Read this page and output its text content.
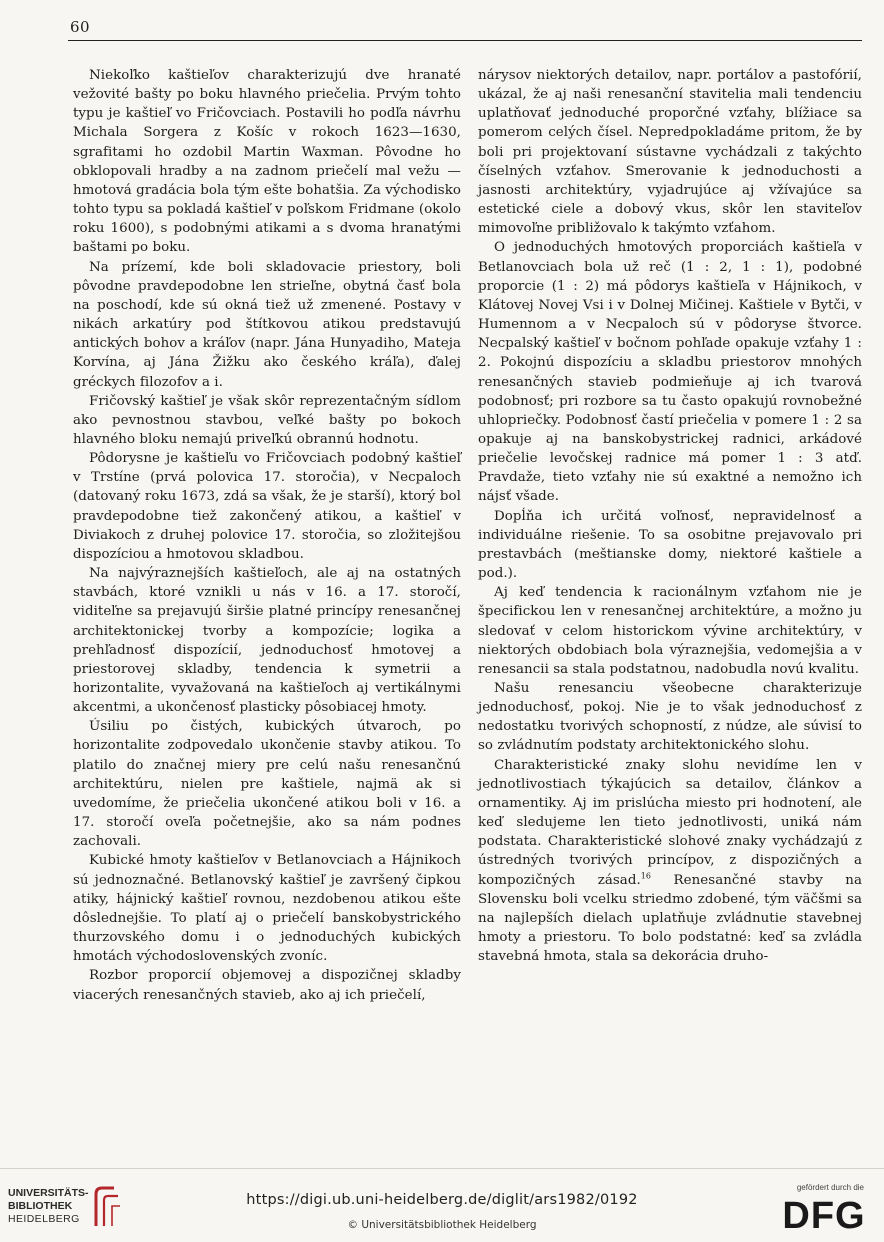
60

Niekoľko kaštieľov charakterizujú dve hranaté vežovité bašty po boku hlavného priečelia. Prvým tohto typu je kaštieľ vo Fričovciach. Postavili ho podľa návrhu Michala Sorgera z Košíc v rokoch 1623—1630, sgrafitami ho ozdobil Martin Waxman. Pôvodne ho obklopovali hradby a na zadnom priečelí mal vežu — hmotová gradácia bola tým ešte bohatšia. Za východisko tohto typu sa pokladá kaštieľ v poľskom Fridmane (okolo roku 1600), s podobnými atikami a s dvoma hranatými baštami po boku.

Na prízemí, kde boli skladovacie priestory, boli pôvodne pravdepodobne len strieľne, obytná časť bola na poschodí, kde sú okná tiež už zmenené. Postavy v nikách arkatúry pod štítkovou atikou predstavujú antických bohov a kráľov (napr. Jána Hunyadiho, Mateja Korvína, aj Jána Žižku ako českého kráľa), ďalej gréckych filozofov a i.

Fričovský kaštieľ je však skôr reprezentačným sídlom ako pevnostnou stavbou, veľké bašty po bokoch hlavného bloku nemajú priveľkú obrannú hodnotu.

Pôdorysne je kaštieľu vo Fričovciach podobný kaštieľ v Trstíne (prvá polovica 17. storočia), v Necpaloch (datovaný roku 1673, zdá sa však, že je starší), ktorý bol pravdepodobne tiež zakončený atikou, a kaštieľ v Diviakoch z druhej polovice 17. storočia, so zložitejšou dispozíciou a hmotovou skladbou.

Na najvýraznejších kaštieľoch, ale aj na ostatných stavbách, ktoré vznikli u nás v 16. a 17. storočí, viditeľne sa prejavujú širšie platné princípy renesančnej architektonickej tvorby a kompozície; logika a prehľadnosť dispozícií, jednoduchosť hmotovej a priestorovej skladby, tendencia k symetrii a horizontalite, vyvažovaná na kaštieľoch aj vertikálnymi akcentmi, a ukončenosť plasticky pôsobiacej hmoty.

Úsiliu po čistých, kubických útvaroch, po horizontalite zodpovedalo ukončenie stavby atikou. To platilo do značnej miery pre celú našu renesančnú architektúru, nielen pre kaštiele, najmä ak si uvedomíme, že priečelia ukončené atikou boli v 16. a 17. storočí oveľa početnejšie, ako sa nám podnes zachovali.

Kubické hmoty kaštieľov v Betlanovciach a Hájnikoch sú jednoznačné. Betlanovský kaštieľ je završený čipkou atiky, hájnický kaštieľ rovnou, nezdobenou atikou ešte dôslednejšie. To platí aj o priečelí banskobystrického thurzovského domu i o jednoduchých kubických hmotách východoslovenských zvoníc.

Rozbor proporcií objemovej a dispozičnej skladby viacerých renesančných stavieb, ako aj ich priečelí,

nárysov niektorých detailov, napr. portálov a pastofórií, ukázal, že aj naši renesanční stavitelia mali tendenciu uplatňovať jednoduché proporčné vzťahy, blížiace sa pomerom celých čísel. Nepredpokladáme pritom, že by boli pri projektovaní sústavne vychádzali z takýchto číselných vzťahov. Smerovanie k jednoduchosti a jasnosti architektúry, vyjadrujúce aj vžívajúce sa estetické ciele a dobový vkus, skôr len staviteľov mimovoľne približovalo k takýmto vzťahom.

O jednoduchých hmotových proporciách kaštieľa v Betlanovciach bola už reč (1 : 2, 1 : 1), podobné proporcie (1 : 2) má pôdorys kaštieľa v Hájnikoch, v Klátovej Novej Vsi i v Dolnej Mičinej. Kaštiele v Bytči, v Humennom a v Necpaloch sú v pôdoryse štvorce. Necpalský kaštieľ v bočnom pohľade opakuje vzťahy 1 : 2. Pokojnú dispozíciu a skladbu priestorov mnohých renesančných stavieb podmieňuje aj ich tvarová podobnosť; pri rozbore sa tu často opakujú rovnobežné uhlopriečky. Podobnosť častí priečelia v pomere 1 : 2 sa opakuje aj na banskobystrickej radnici, arkádové priečelie levočskej radnice má pomer 1 : 3 atď. Pravdaže, tieto vzťahy nie sú exaktné a nemožno ich nájsť všade.

Dopĺňa ich určitá voľnosť, nepravidelnosť a individuálne riešenie. To sa osobitne prejavovalo pri prestavbách (meštianske domy, niektoré kaštiele a pod.).

Aj keď tendencia k racionálnym vzťahom nie je špecifickou len v renesančnej architektúre, a možno ju sledovať v celom historickom vývine architektúry, v niektorých obdobiach bola výraznejšia, vedomejšia a v renesancii sa stala podstatnou, nadobudla novú kvalitu.

Našu renesanciu všeobecne charakterizuje jednoduchosť, pokoj. Nie je to však jednoduchosť z nedostatku tvorivých schopností, z núdze, ale súvisí to so zvládnutím podstaty architektonického slohu.

Charakteristické znaky slohu nevidíme len v jednotlivostiach týkajúcich sa detailov, článkov a ornamentiky. Aj im prislúcha miesto pri hodnotení, ale keď sledujeme len tieto jednotlivosti, uniká nám podstata. Charakteristické slohové znaky vychádzajú z ústredných tvorivých princípov, z dispozičných a kompozičných zásad.$^{16}$ Renesančné stavby na Slovensku boli vcelku striedmo zdobené, tým väčšmi sa na najlepších dielach uplatňuje zvládnutie stavebnej hmoty a priestoru. To bolo podstatné: keď sa zvládla stavebná hmota, stala sa dekorácia druho-

UNIVERSITÄTS-
BIBLIOTHEK
HEIDELBERG
https://digi.ub.uni-heidelberg.de/diglit/ars1982/0192
© Universitätsbibliothek Heidelberg
gefördert durch die
DFG
